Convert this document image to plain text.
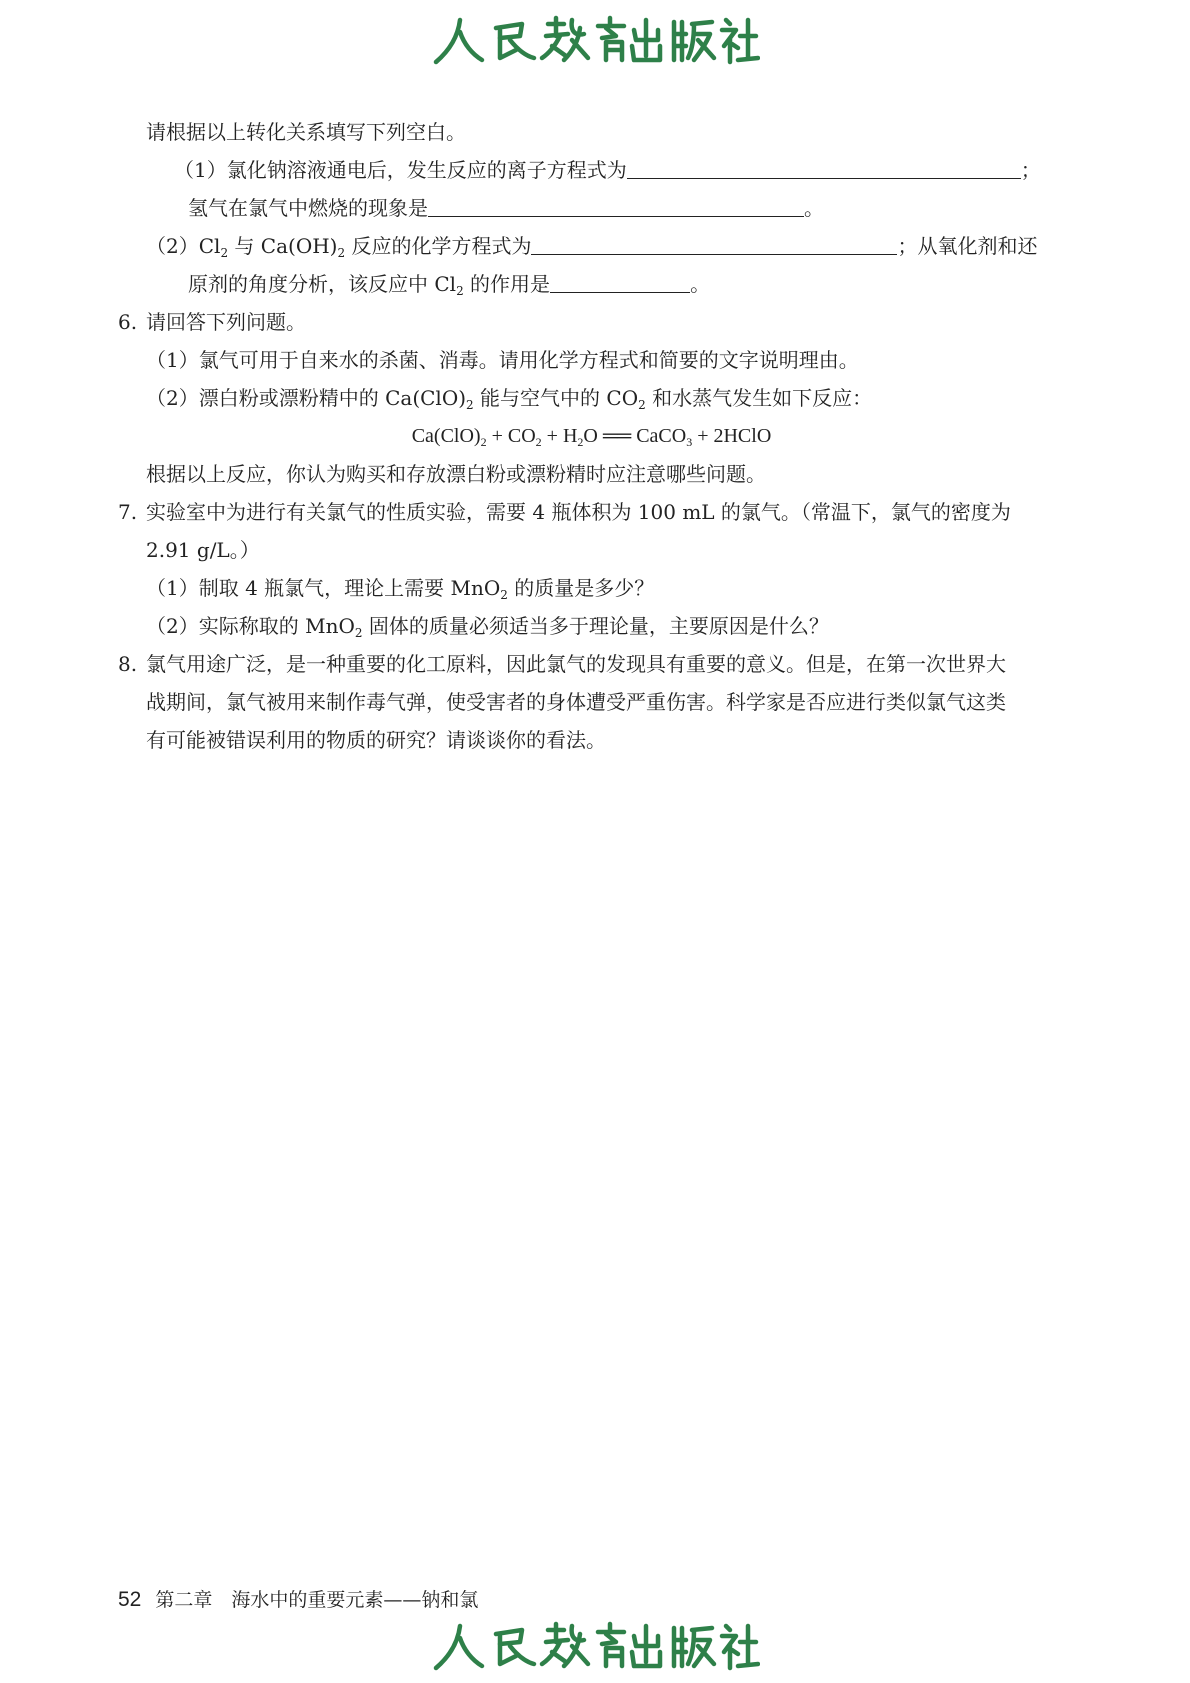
请根据以上转化关系填写下列空白。
（1）氯化钠溶液通电后，发生反应的离子方程式为	；
氢气在氯气中燃烧的现象是	。
$(2)Cl_2$ 与 $Ca(OH)_2$ 反应的化学方程式为	；从氧化剂和还
原剂的角度分析，该反应中 $Cl_2$ 的作用是	。
6. 请回答下列问题。
（1）氯气可用于自来水的杀菌、消毒。请用化学方程式和简要的文字说明理由。
（2）漂白粉或漂粉精中的 $Ca(ClO)_2$ 能与空气中的 $CO_2$ 和水蒸气发生如下反应：
$Ca(ClO)_2 + CO_2 + H_2O$ ══ CaCO$_3$ + 2HClO
根据以上反应，你认为购买和存放漂白粉或漂粉精时应注意哪些问题。
7. 实验室中为进行有关氯气的性质实验，需要 4 瓶体积为 100 mL 的氯气。（常温下，氯气的密度为
2.91 g/L。）
（1）制取 4 瓶氯气，理论上需要 MnO$_2$ 的质量是多少？
（2）实际称取的 MnO$_2$ 固体的质量必须适当多于理论量，主要原因是什么？
8. 氯气用途广泛，是一种重要的化工原料，因此氯气的发现具有重要的意义。但是，在第一次世界大
战期间，氯气被用来制作毒气弹，使受害者的身体遭受严重伤害。科学家是否应进行类似氯气这类
有可能被错误利用的物质的研究？请谈谈你的看法。
52 第二章　海水中的重要元素——钠和氯
